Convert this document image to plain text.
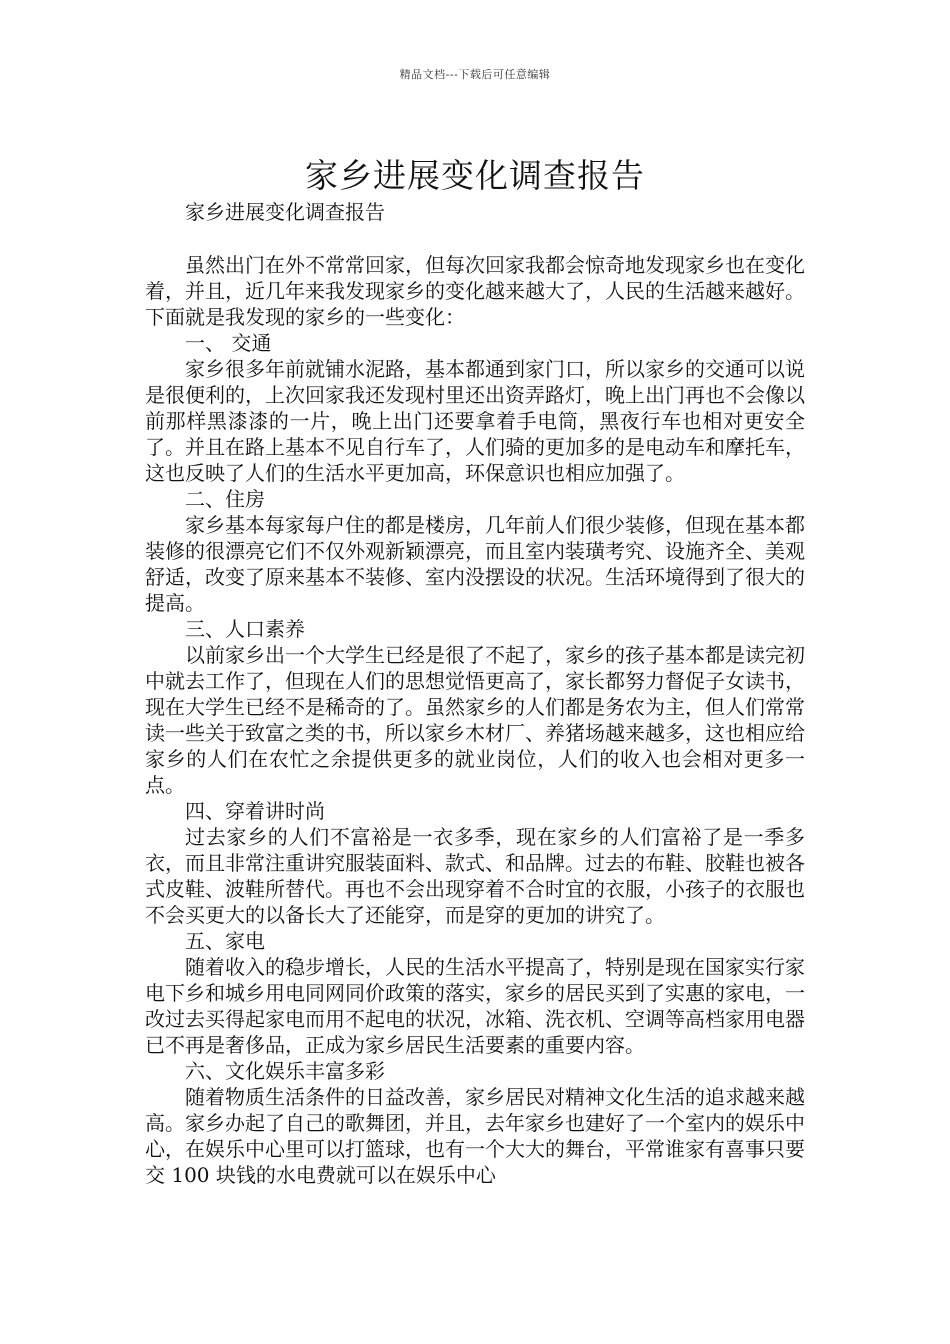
精品文档---下载后可任意编辑
家乡进展变化调查报告

家乡进展变化调查报告

虽然出门在外不常常回家，但每次回家我都会惊奇地发现家乡也在变化着，并且，近几年来我发现家乡的变化越来越大了，人民的生活越来越好。下面就是我发现的家乡的一些变化：

一、 交通

家乡很多年前就铺水泥路，基本都通到家门口，所以家乡的交通可以说是很便利的，上次回家我还发现村里还出资弄路灯，晚上出门再也不会像以前那样黑漆漆的一片，晚上出门还要拿着手电筒，黑夜行车也相对更安全了。并且在路上基本不见自行车了，人们骑的更加多的是电动车和摩托车，这也反映了人们的生活水平更加高，环保意识也相应加强了。

二、住房

家乡基本每家每户住的都是楼房，几年前人们很少装修，但现在基本都装修的很漂亮它们不仅外观新颖漂亮，而且室内装璜考究、设施齐全、美观舒适，改变了原来基本不装修、室内没摆设的状况。生活环境得到了很大的提高。

三、人口素养

以前家乡出一个大学生已经是很了不起了，家乡的孩子基本都是读完初中就去工作了，但现在人们的思想觉悟更高了，家长都努力督促子女读书，现在大学生已经不是稀奇的了。虽然家乡的人们都是务农为主，但人们常常读一些关于致富之类的书，所以家乡木材厂、养猪场越来越多，这也相应给家乡的人们在农忙之余提供更多的就业岗位，人们的收入也会相对更多一点。

四、穿着讲时尚

过去家乡的人们不富裕是一衣多季，现在家乡的人们富裕了是一季多衣，而且非常注重讲究服装面料、款式、和品牌。过去的布鞋、胶鞋也被各式皮鞋、波鞋所替代。再也不会出现穿着不合时宜的衣服，小孩子的衣服也不会买更大的以备长大了还能穿，而是穿的更加的讲究了。

五、家电

随着收入的稳步增长，人民的生活水平提高了，特别是现在国家实行家电下乡和城乡用电同网同价政策的落实，家乡的居民买到了实惠的家电，一改过去买得起家电而用不起电的状况，冰箱、洗衣机、空调等高档家用电器已不再是奢侈品，正成为家乡居民生活要素的重要内容。

六、文化娱乐丰富多彩

随着物质生活条件的日益改善，家乡居民对精神文化生活的追求越来越高。家乡办起了自己的歌舞团，并且，去年家乡也建好了一个室内的娱乐中心，在娱乐中心里可以打篮球，也有一个大大的舞台，平常谁家有喜事只要交 100 块钱的水电费就可以在娱乐中心
